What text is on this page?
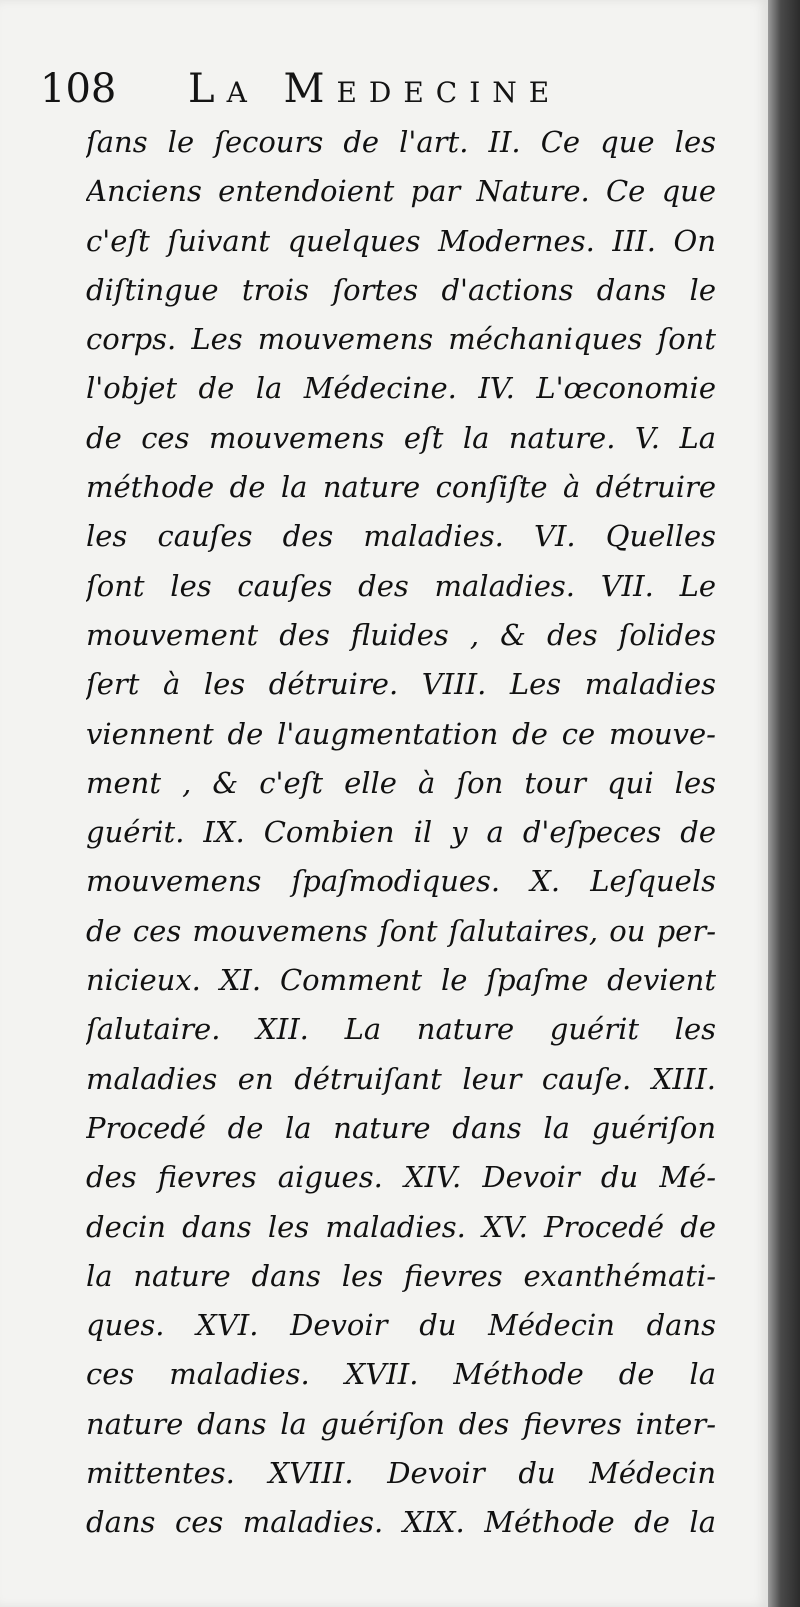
108 La Medecine
ſans le ſecours de l'art. II. Ce que les
Anciens entendoient par Nature. Ce que
c'eſt ſuivant quelques Modernes. III. On
diſtingue trois ſortes d'actions dans le
corps. Les mouvemens méchaniques ſont
l'objet de la Médecine. IV. L'œconomie
de ces mouvemens eſt la nature. V. La
méthode de la nature conſiſte à détruire
les cauſes des maladies. VI. Quelles
ſont les cauſes des maladies. VII. Le
mouvement des fluides , & des ſolides
ſert à les détruire. VIII. Les maladies
viennent de l'augmentation de ce mouve-
ment , & c'eſt elle à ſon tour qui les
guérit. IX. Combien il y a d'eſpeces de
mouvemens ſpaſmodiques. X. Leſquels
de ces mouvemens ſont ſalutaires, ou per-
nicieux. XI. Comment le ſpaſme devient
ſalutaire. XII. La nature guérit les
maladies en détruiſant leur cauſe. XIII.
Procedé de la nature dans la guériſon
des fievres aigues. XIV. Devoir du Mé-
decin dans les maladies. XV. Procedé de
la nature dans les fievres exanthémati-
ques. XVI. Devoir du Médecin dans
ces maladies. XVII. Méthode de la
nature dans la guériſon des fievres inter-
mittentes. XVIII. Devoir du Médecin
dans ces maladies. XIX. Méthode de la
